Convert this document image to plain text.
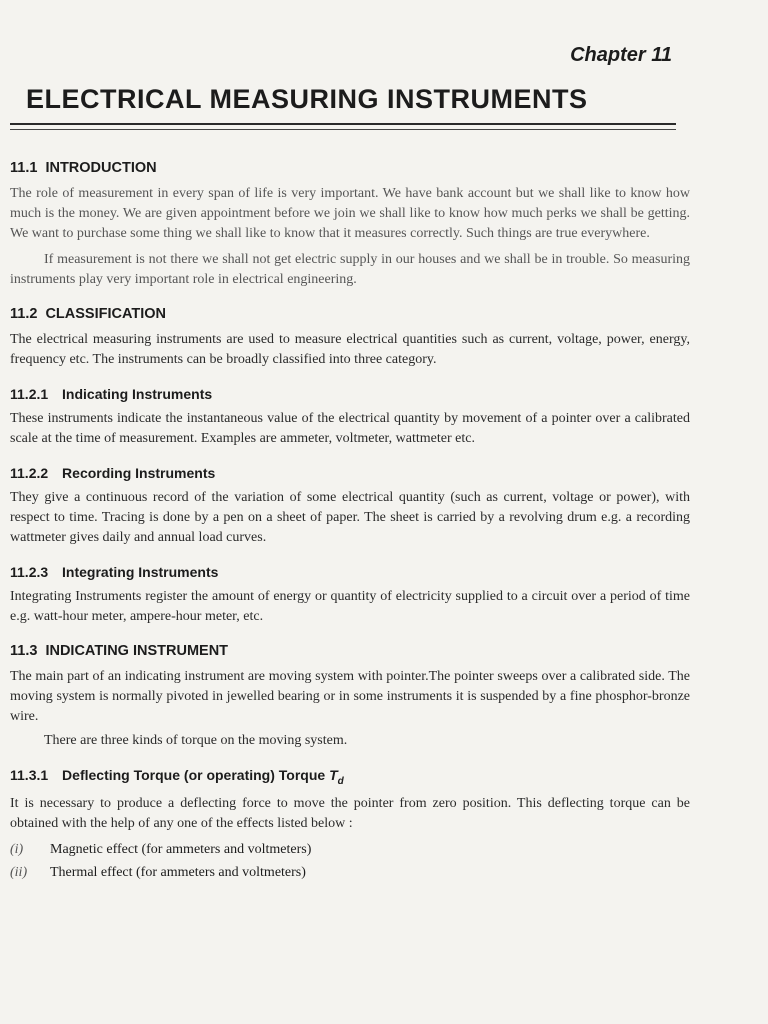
Chapter 11
ELECTRICAL MEASURING INSTRUMENTS
11.1 INTRODUCTION

The role of measurement in every span of life is very important. We have bank account but we shall like to know how much is the money. We are given appointment before we join we shall like to know how much perks we shall be getting. We want to purchase some thing we shall like to know that it measures correctly. Such things are true everywhere.

If measurement is not there we shall not get electric supply in our houses and we shall be in trouble. So measuring instruments play very important role in electrical engineering.

11.2 CLASSIFICATION

The electrical measuring instruments are used to measure electrical quantities such as current, voltage, power, energy, frequency etc. The instruments can be broadly classified into three category.

11.2.1 Indicating Instruments

These instruments indicate the instantaneous value of the electrical quantity by movement of a pointer over a calibrated scale at the time of measurement. Examples are ammeter, voltmeter, wattmeter etc.

11.2.2 Recording Instruments

They give a continuous record of the variation of some electrical quantity (such as current, voltage or power), with respect to time. Tracing is done by a pen on a sheet of paper. The sheet is carried by a revolving drum e.g. a recording wattmeter gives daily and annual load curves.

11.2.3 Integrating Instruments

Integrating Instruments register the amount of energy or quantity of electricity supplied to a circuit over a period of time e.g. watt-hour meter, ampere-hour meter, etc.

11.3 INDICATING INSTRUMENT

The main part of an indicating instrument are moving system with pointer.The pointer sweeps over a calibrated side. The moving system is normally pivoted in jewelled bearing or in some instruments it is suspended by a fine phosphor-bronze wire.

There are three kinds of torque on the moving system.

11.3.1 Deflecting Torque (or operating) Torque $T_d$

It is necessary to produce a deflecting force to move the pointer from zero position. This deflecting torque can be obtained with the help of any one of the effects listed below :

(i)	Magnetic effect (for ammeters and voltmeters)
(ii)	Thermal effect (for ammeters and voltmeters)
